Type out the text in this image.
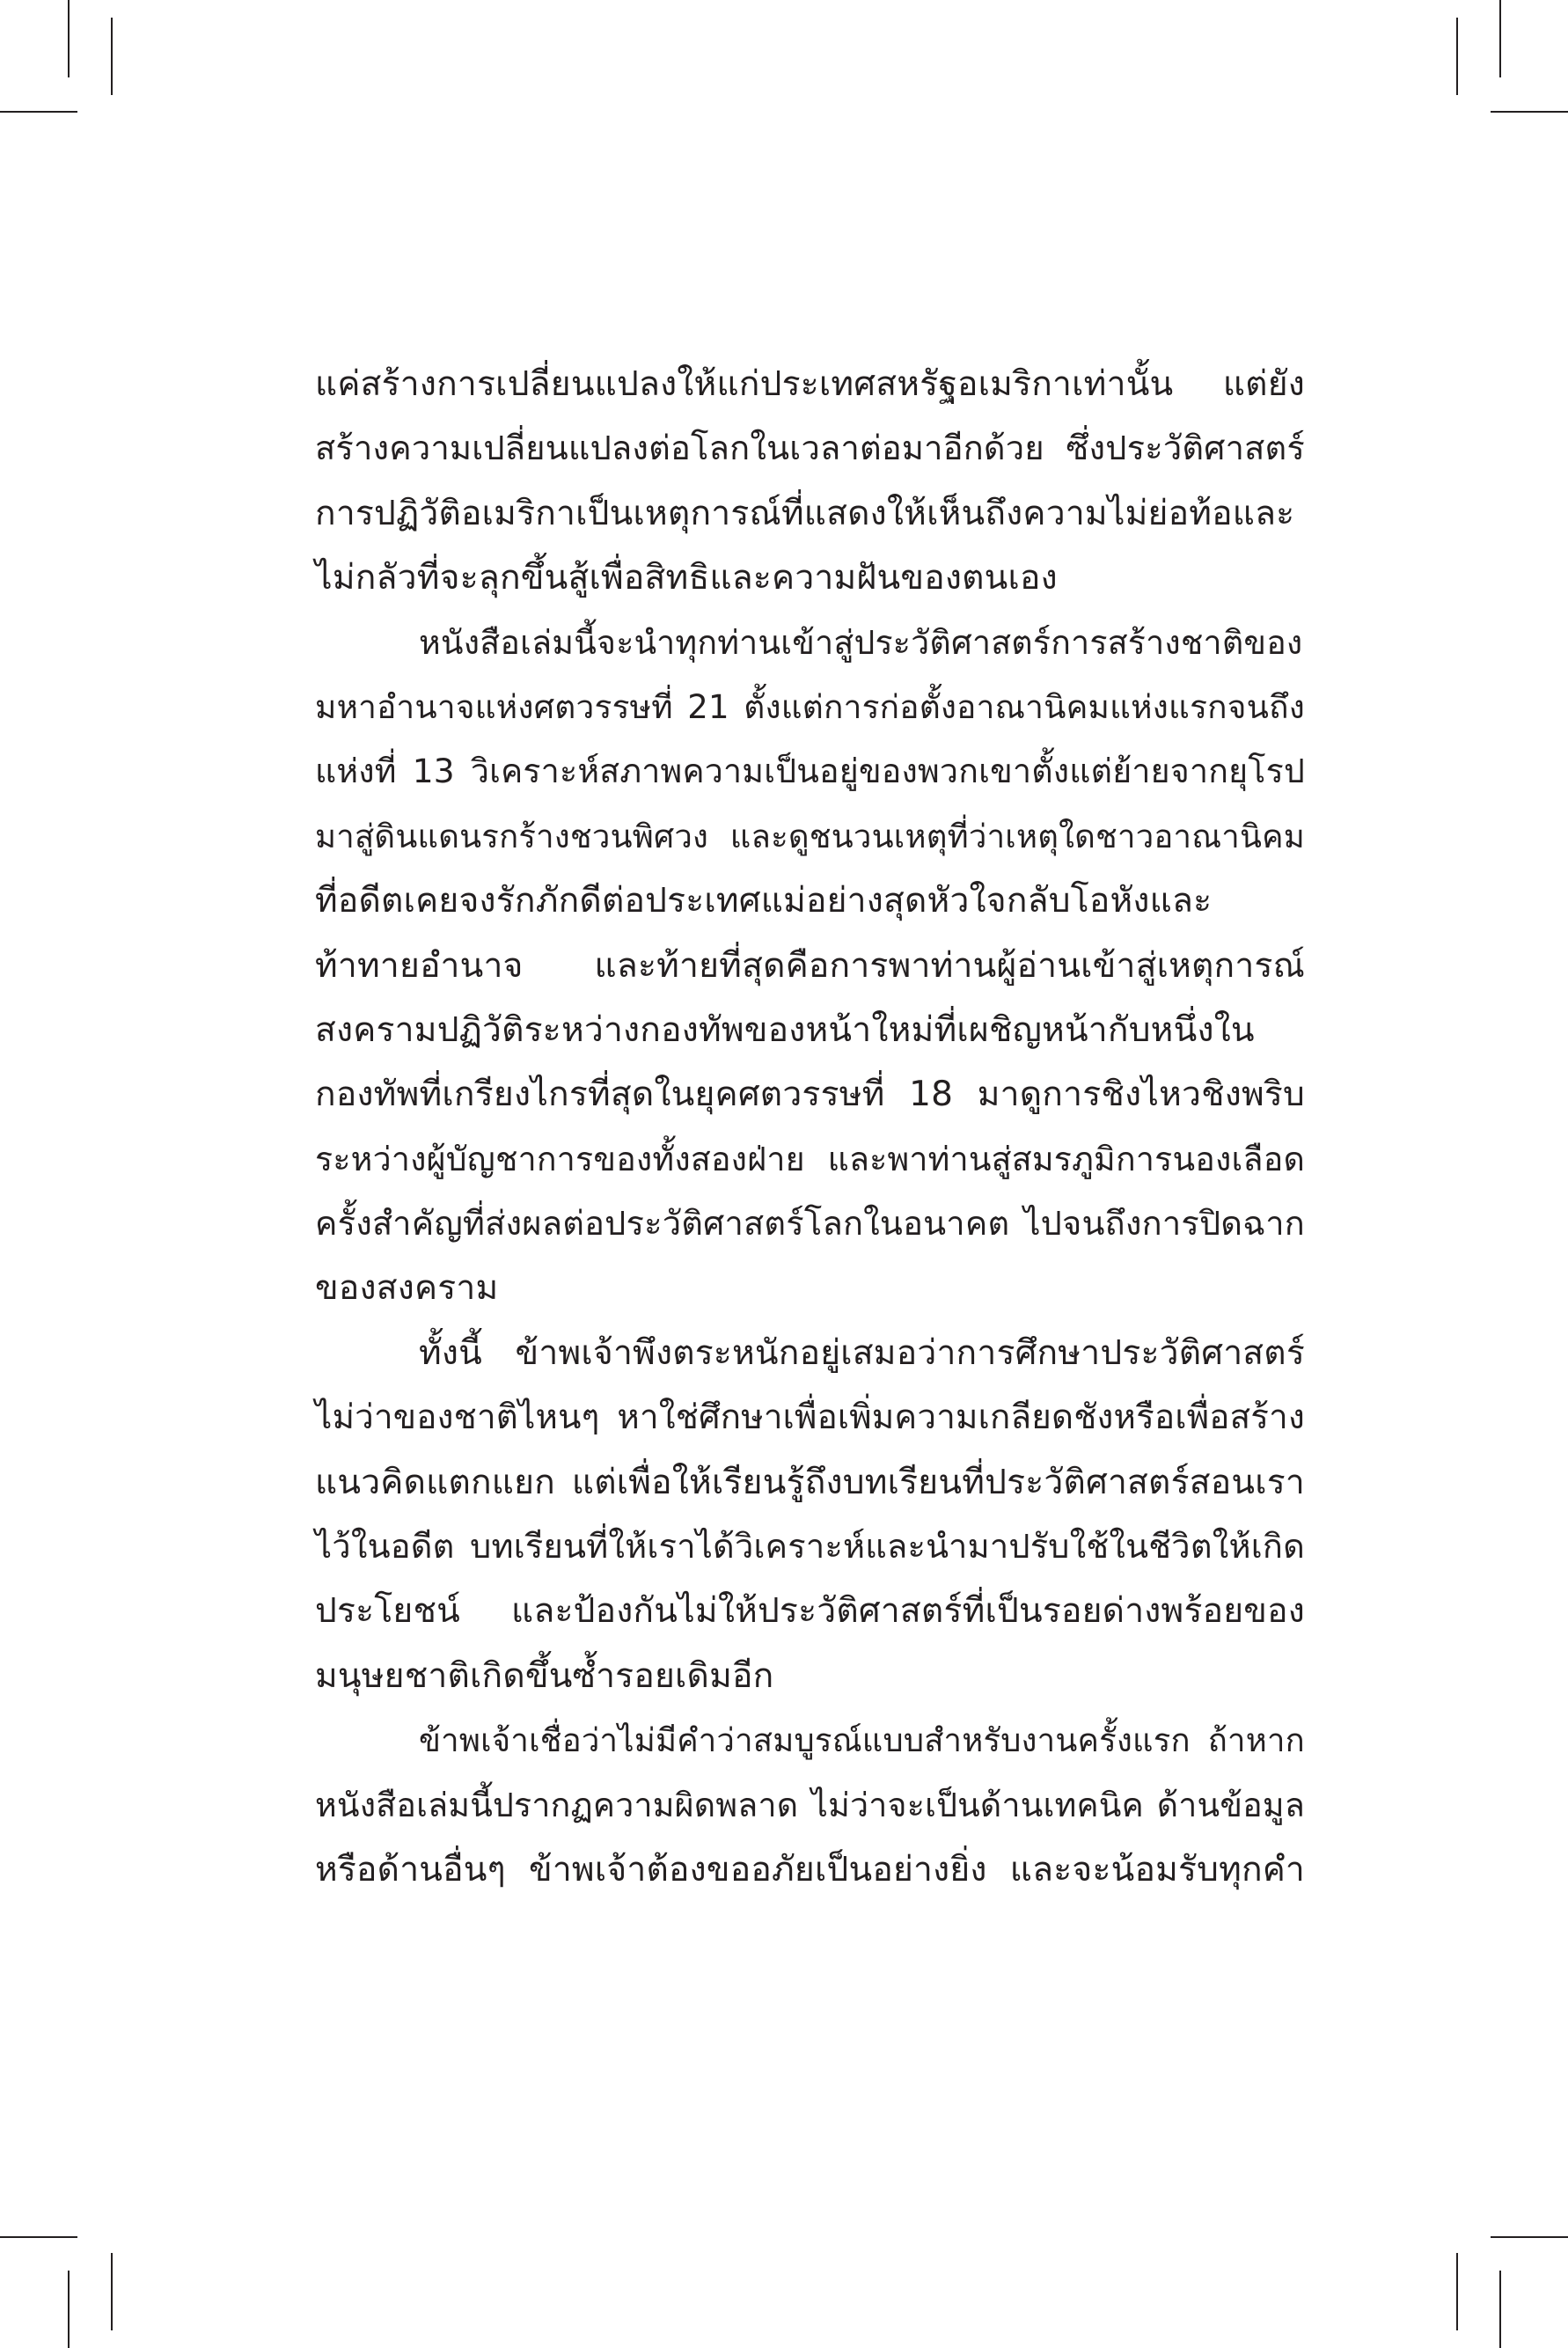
แค่สร้างการเปลี่ยนแปลงให้แก่ประเทศสหรัฐอเมริกาเท่านั้น แต่ยัง
สร้างความเปลี่ยนแปลงต่อโลกในเวลาต่อมาอีกด้วย ซึ่งประวัติศาสตร์
การปฏิวัติอเมริกาเป็นเหตุการณ์ที่แสดงให้เห็นถึงความไม่ย่อท้อและ
ไม่กลัวที่จะลุกขึ้นสู้เพื่อสิทธิและความฝันของตนเอง
หนังสือเล่มนี้จะนำทุกท่านเข้าสู่ประวัติศาสตร์การสร้างชาติของ
มหาอำนาจแห่งศตวรรษที่ 21 ตั้งแต่การก่อตั้งอาณานิคมแห่งแรกจนถึง
แห่งที่ 13 วิเคราะห์สภาพความเป็นอยู่ของพวกเขาตั้งแต่ย้ายจากยุโรป
มาสู่ดินแดนรกร้างชวนพิศวง และดูชนวนเหตุที่ว่าเหตุใดชาวอาณานิคม
ที่อดีตเคยจงรักภักดีต่อประเทศแม่อย่างสุดหัวใจกลับโอหังและ
ท้าทายอำนาจ และท้ายที่สุดคือการพาท่านผู้อ่านเข้าสู่เหตุการณ์
สงครามปฏิวัติระหว่างกองทัพของหน้าใหม่ที่เผชิญหน้ากับหนึ่งใน
กองทัพที่เกรียงไกรที่สุดในยุคศตวรรษที่ 18 มาดูการชิงไหวชิงพริบ
ระหว่างผู้บัญชาการของทั้งสองฝ่าย และพาท่านสู่สมรภูมิการนองเลือด
ครั้งสำคัญที่ส่งผลต่อประวัติศาสตร์โลกในอนาคต ไปจนถึงการปิดฉาก
ของสงคราม
ทั้งนี้ ข้าพเจ้าพึงตระหนักอยู่เสมอว่าการศึกษาประวัติศาสตร์
ไม่ว่าของชาติไหนๆ หาใช่ศึกษาเพื่อเพิ่มความเกลียดชังหรือเพื่อสร้าง
แนวคิดแตกแยก แต่เพื่อให้เรียนรู้ถึงบทเรียนที่ประวัติศาสตร์สอนเรา
ไว้ในอดีต บทเรียนที่ให้เราได้วิเคราะห์และนำมาปรับใช้ในชีวิตให้เกิด
ประโยชน์ และป้องกันไม่ให้ประวัติศาสตร์ที่เป็นรอยด่างพร้อยของ
มนุษยชาติเกิดขึ้นซ้ำรอยเดิมอีก
ข้าพเจ้าเชื่อว่าไม่มีคำว่าสมบูรณ์แบบสำหรับงานครั้งแรก ถ้าหาก
หนังสือเล่มนี้ปรากฏความผิดพลาด ไม่ว่าจะเป็นด้านเทคนิค ด้านข้อมูล
หรือด้านอื่นๆ ข้าพเจ้าต้องขออภัยเป็นอย่างยิ่ง และจะน้อมรับทุกคำ
